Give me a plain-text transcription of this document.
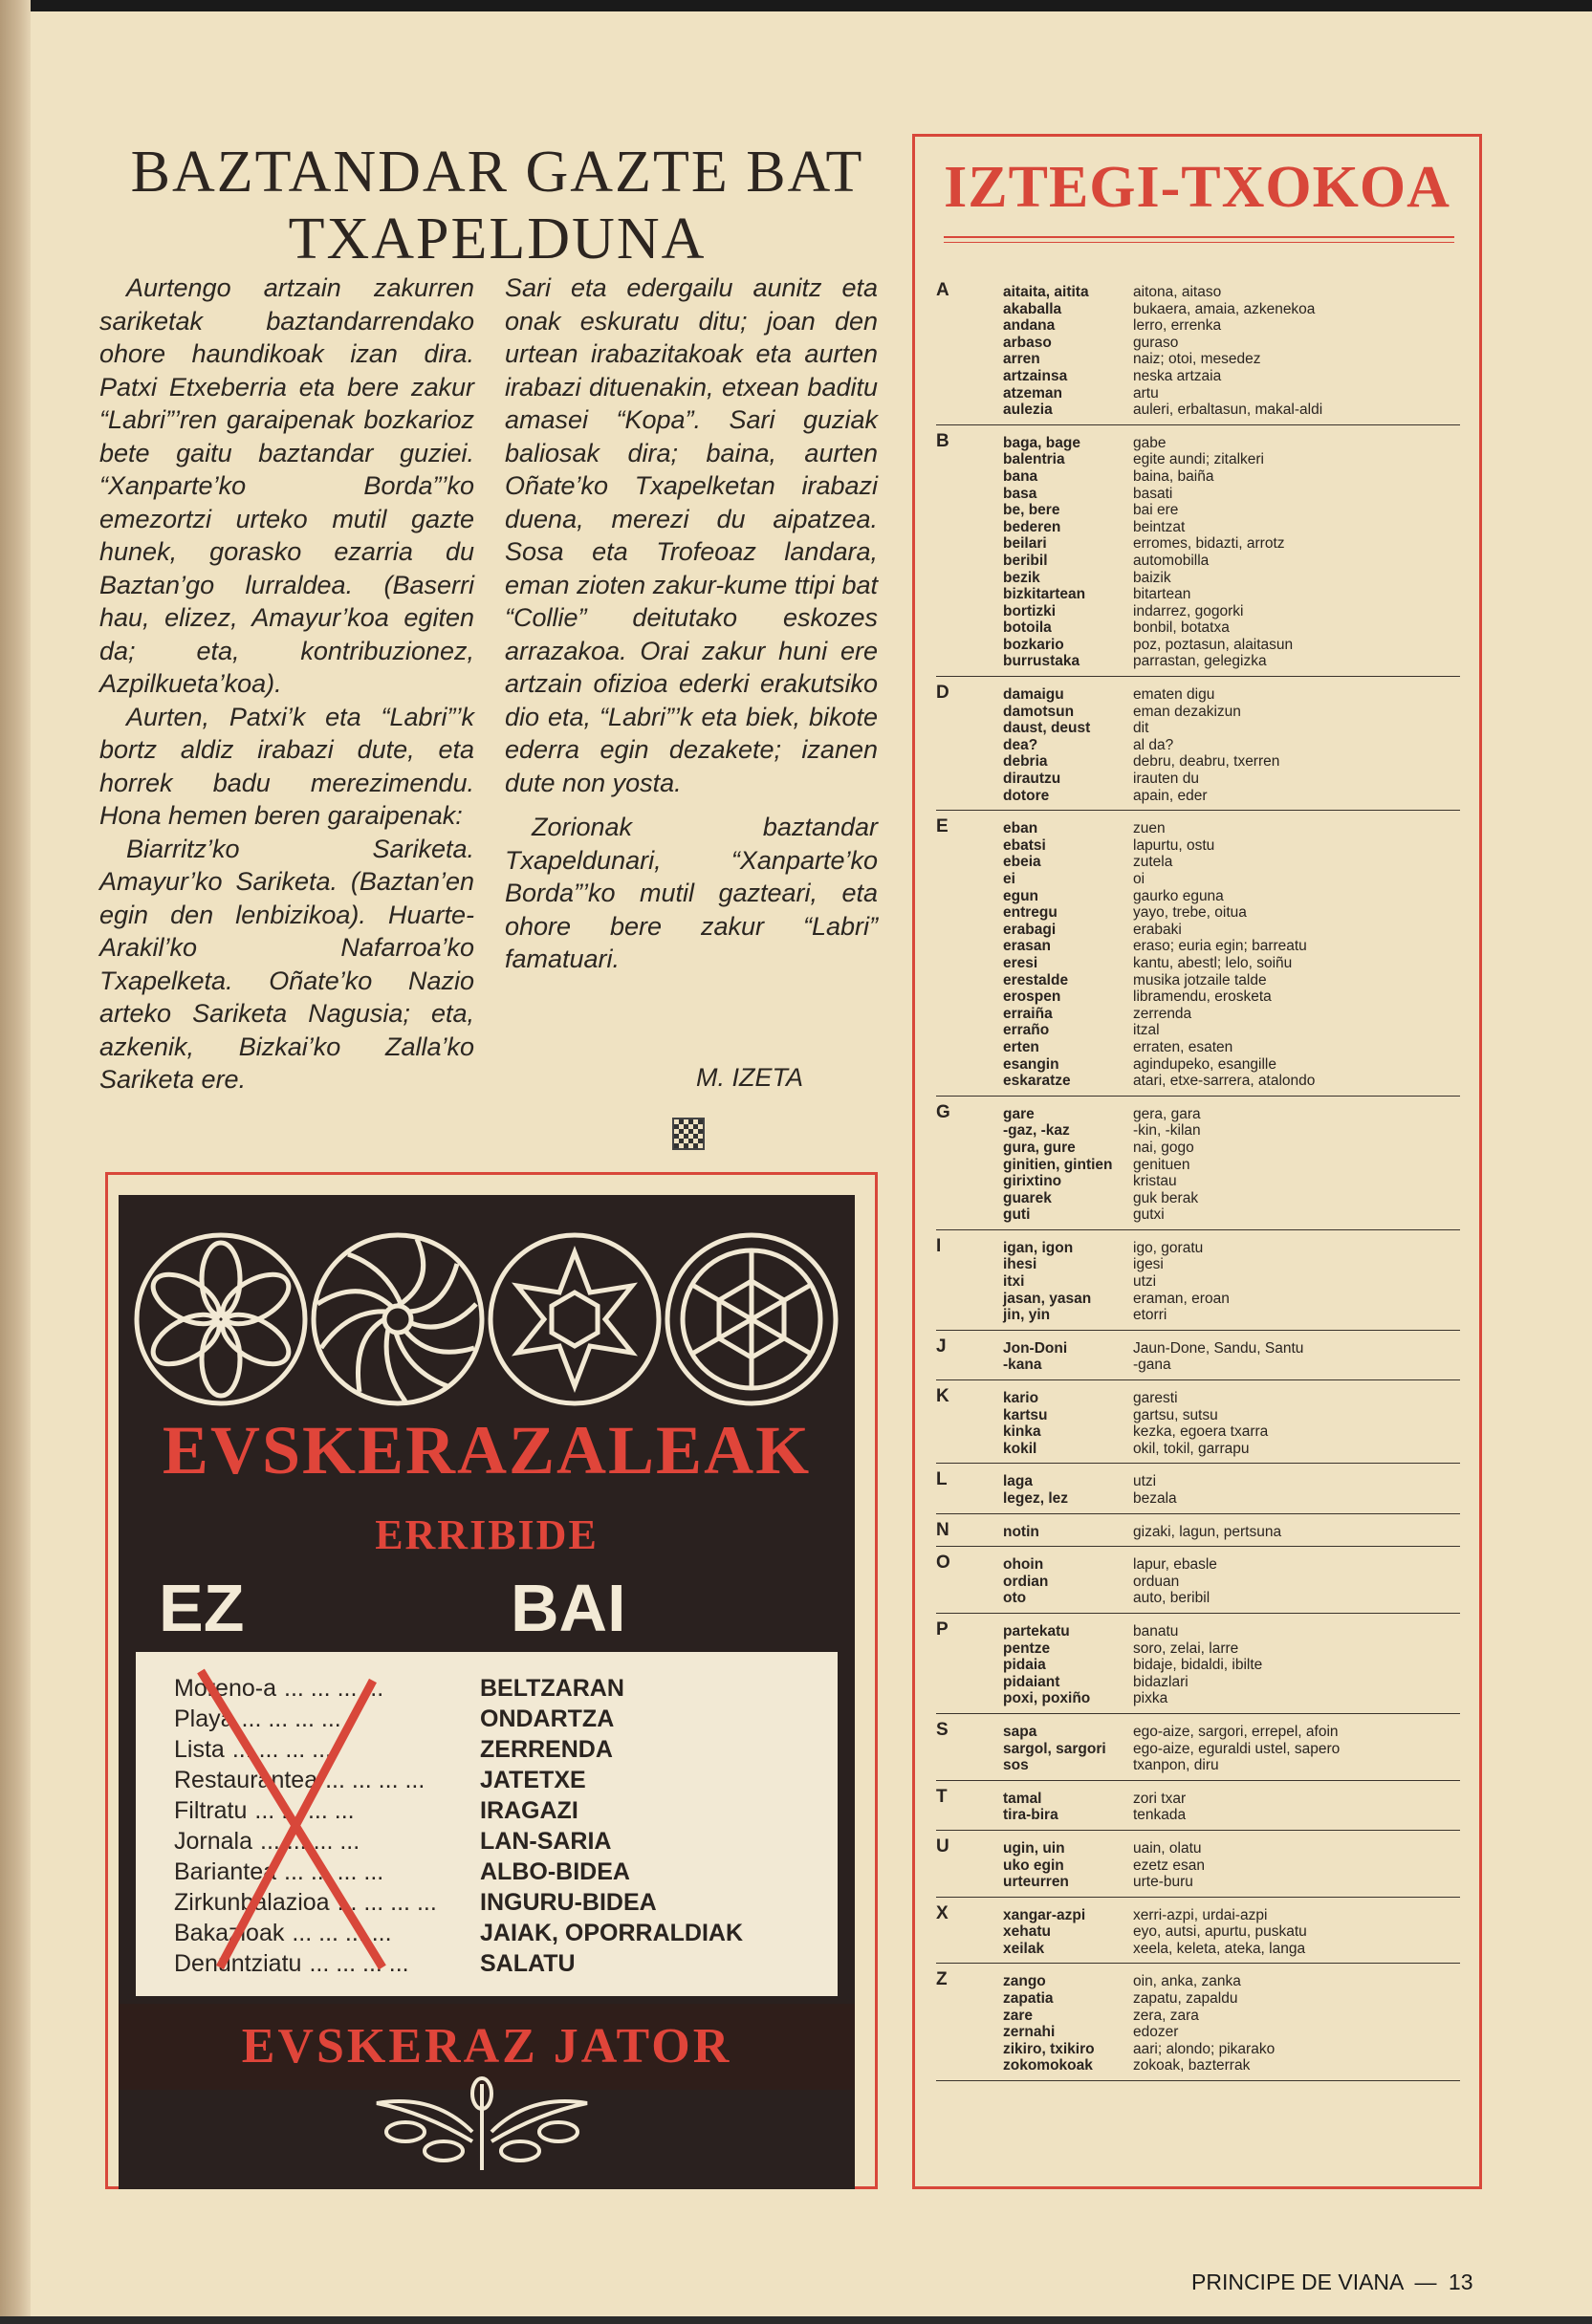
BAZTANDAR GAZTE BAT
TXAPELDUNA

Aurtengo artzain zakurren sariketak baztandarrendako ohore haundikoak izan dira. Patxi Etxeberria eta bere zakur “Labri”’ren garaipenak bozkarioz bete gaitu baztandar guziei. “Xanparte’ko Borda”’ko emezortzi urteko mutil gazte hunek, gorasko ezarria du Baztan’go lurraldea. (Baserri hau, elizez, Amayur’koa egiten da; eta, kontribuzionez, Azpilkueta’koa).

Aurten, Patxi’k eta “Labri”’k bortz aldiz irabazi dute, eta horrek badu merezimendu. Hona hemen beren garaipenak:

Biarritz’ko Sariketa. Amayur’ko Sariketa. (Baztan’en egin den lenbizikoa). Huarte-Arakil’ko Nafarroa’ko Txapelketa. Oñate’ko Nazio arteko Sariketa Nagusia; eta, azkenik, Bizkai’ko Zalla’ko Sariketa ere.

Sari eta edergailu aunitz eta onak eskuratu ditu; joan den urtean irabazitakoak eta aurten irabazi dituenakin, etxean baditu amasei “Kopa”. Sari guziak baliosak dira; baina, aurten Oñate’ko Txapelketan irabazi duena, merezi du aipatzea. Sosa eta Trofeoaz landara, eman zioten zakur-kume ttipi bat “Collie” deitutako eskozes arrazakoa. Orai zakur huni ere artzain ofizioa ederki erakutsiko dio eta, “Labri”’k eta biek, bikote ederra egin dezakete; izanen dute non yosta.

Zorionak baztandar Txapeldunari, “Xanparte’ko Borda”’ko mutil gazteari, eta ohore bere zakur “Labri” famatuari.

M. IZETA
EVSKERAZALEAK
ERRIBIDE
EZ	BAI
Moreno-a ... ... ... ...	BELTZARAN
Playa ... ... ... ...	ONDARTZA
Lista ... ... ... ...	ZERRENDA
Restaurantea ... ... ... ... JATETXE
Filtratu ... ... ... ...	IRAGAZI
Jornala ... ... ... ...	LAN-SARIA
Bariantea ... ... ... ...	ALBO-BIDEA
Zirkunbalazioa ... ... ... ... INGURU-BIDEA
Bakazioak ... ... ... ...	JAIAK, OPORRALDIAK
Denuntziatu ... ... ... ...	SALATU
EVSKERAZ JATOR
IZTEGI-TXOKOA
A	aitaita, aitita	aitona, aitaso
akaballa	bukaera, amaia, azkenekoa
andana	lerro, errenka
arbaso	guraso
arren	naiz; otoi, mesedez
artzainsa	neska artzaia
atzeman	artu
aulezia	auleri, erbaltasun, makal-aldi
B	baga, bage	gabe
balentria	egite aundi; zitalkeri
bana	baina, baiña
basa	basati
be, bere	bai ere
bederen	beintzat
beilari	erromes, bidazti, arrotz
beribil	automobilla
bezik	baizik
bizkitartean	bitartean
bortizki	indarrez, gogorki
botoila	bonbil, botatxa
bozkario	poz, poztasun, alaitasun
burrustaka	parrastan, gelegizka
D	damaigu	ematen digu
damotsun	eman dezakizun
daust, deust	dit
dea?	al da?
debria	debru, deabru, txerren
dirautzu	irauten du
dotore	apain, eder
E	eban	zuen
ebatsi	lapurtu, ostu
ebeia	zutela
ei	oi
egun	gaurko eguna
entregu	yayo, trebe, oitua
erabagi	erabaki
erasan	eraso; euria egin; barreatu
eresi	kantu, abestl; lelo, soiñu
erestalde	musika jotzaile talde
erospen	libramendu, erosketa
erraiña	zerrenda
erraño	itzal
erten	erraten, esaten
esangin	agindupeko, esangille
eskaratze	atari, etxe-sarrera, atalondo
G	gare	gera, gara
-gaz, -kaz	-kin, -kilan
gura, gure	nai, gogo
ginitien, gintien genituen
girixtino	kristau
guarek	guk berak
guti	gutxi
I	igan, igon	igo, goratu
ihesi	igesi
itxi	utzi
jasan, yasan	eraman, eroan
jin, yin	etorri
J	Jon-Doni	Jaun-Done, Sandu, Santu
-kana	-gana
K	kario	garesti
kartsu	gartsu, sutsu
kinka	kezka, egoera txarra
kokil	okil, tokil, garrapu
L	laga	utzi
legez, lez	bezala
N	notin	gizaki, lagun, pertsuna
O	ohoin	lapur, ebasle
ordian	orduan
oto	auto, beribil
P	partekatu	banatu
pentze	soro, zelai, larre
pidaia	bidaje, bidaldi, ibilte
pidaiant	bidazlari
poxi, poxiño	pixka
S	sapa	ego-aize, sargori, errepel, afoin
sargol, sargori ego-aize, eguraldi ustel, sapero
sos	txanpon, diru
T	tamal	zori txar
tira-bira	tenkada
U	ugin, uin	uain, olatu
uko egin	ezetz esan
urteurren	urte-buru
X	xangar-azpi	xerri-azpi, urdai-azpi
xehatu	eyo, autsi, apurtu, puskatu
xeilak	xeela, keleta, ateka, langa
Z	zango	oin, anka, zanka
zapatia	zapatu, zapaldu
zare	zera, zara
zernahi	edozer
zikiro, txikiro	aari; alondo; pikarako
zokomokoak	zokoak, bazterrak
PRINCIPE DE VIANA — 13
